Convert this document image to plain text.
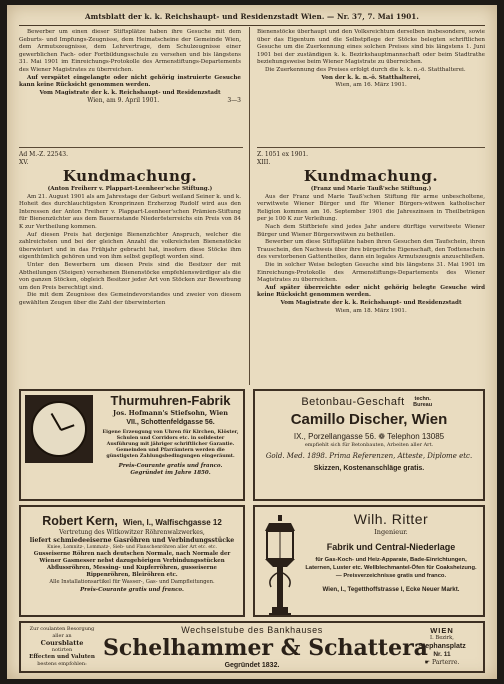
Amtsblatt der k. k. Reichshaupt- und Residenzstadt Wien. — Nr. 37, 7. Mai 1901.

Bewerber um einen dieser Stiftsplätze haben ihre Gesuche mit dem Geburts- und Impfungs-Zeugnisse, dem Heimatscheine der Gemeinde Wien, dem Armutszeugnisse, dem Lehrvertrage, dem Schulzeugnisse einer gewerblichen Fach- oder Fortbildungsschule zu versehen und bis längstens 31. Mai 1901 im Einreichungs-Protokolle des Armenstiftungs-Departements des Wiener Magistrates zu überreichen.

Auf verspätet eingelangte oder nicht gehörig instruierte Gesuche kann keine Rücksicht genommen werden.

Vom Magistrate der k. k. Reichshaupt- und Residenzstadt

Wien, am 9. April 1901.	3—3

Bienenstöcke überhaupt und den Volksreichtum derselben insbesondere, sowie über das Eigentum und die Selbstpflege der Stöcke belegten schriftlichen Gesuche um die Zuerkennung eines solchen Preises sind bis längstens 1. Juni 1901 bei der zuständigen k. k. Bezirkshauptmannschaft oder beim Stadtrathe beziehungsweise beim Wiener Magistrate zu überreichen.

Die Zuerkennung des Preises erfolgt durch die k. k. n.-ö. Statthalterei.

Von der k. k. n.-ö. Statthalterei,

Wien, am 16. März 1901.

Ad M.-Z. 22543.
XV.
Kundmachung.

(Anton Freiherr v. Plappart-Leenheer'sche Stiftung.)

Am 21. August 1901 als am Jahrestage der Geburt weiland Seiner k. und k. Hoheit des durchlauchtigsten Kronprinzen Erzherzog Rudolf wird aus den Interessen der Anton Freiherr v. Plappart-Leenheer'schen Prämien-Stiftung für Bienenzüchter aus dem Bauernstande Niederösterreichs ein Preis von 84 K zur Vertheilung kommen.

Auf diesen Preis hat derjenige Bienenzüchter Anspruch, welcher die zahlreichsten und bei der gleichen Anzahl die volkreichsten Bienenstöcke überwintert und in das Frühjahr gebracht hat, insofern diese Stöcke ihm eigenthümlich gehören und von ihm selbst gepflegt worden sind.

Unter den Bewerbern um diesen Preis sind die Besitzer der mit Abtheilungen (Steigen) versehenen Bienenstöcke empfehlenswürdiger als die von ganzen Stöcken, obgleich Besitzer jeder Art von Stöcken zur Bewerbung um den Preis berechtigt sind.

Die mit dem Zeugnisse des Gemeindevorstandes und zweier von diesem gewählten Zeugen über die Zahl der überwinterten

Z. 1051 ex 1901.
XIII.
Kundmachung.

(Franz und Marie Tauß'sche Stiftung.)

Aus der Franz und Marie Tauß'schen Stiftung für arme unbescholtene, verwitwete Wiener Bürger und für Wiener Bürgers-witwen katholischer Religion kommen am 16. September 1901 die Jahreszinsen in Theilbeträgen per je 100 K zur Verleihung.

Nach dem Stiftbriefe sind jedes Jahr andere dürftige verwitwete Wiener Bürger und Wiener Bürgerswitwen zu betheilen.

Bewerber um diese Stiftsplätze haben ihren Gesuchen den Taufschein, ihren Trauschein, den Nachweis über ihre bürgerliche Eigenschaft, den Todtenschein des verstorbenen Gattentheiles, dann ein legales Armutszeugnis anzuschließen.

Die in solcher Weise belegten Gesuche sind bis längstens 31. Mai 1901 im Einreichungs-Protokolle des Armenstiftungs-Departements des Wiener Magistrates zu überreichen.

Auf später überreichte oder nicht gehörig belegte Gesuche wird keine Rücksicht genommen werden.

Vom Magistrate der k. k. Reichshaupt- und Residenzstadt

Wien, am 18. März 1901.

Thurmuhren-Fabrik
Jos. Hofmann's Stiefsohn, Wien
VII., Schottenfeldgasse 56.
Eigene Erzeugung von Uhren für Kirchen, Klöster, Schulen und Corridors etc. in solidester Ausführung mit jähriger schriftlicher Garantie. Gemeinden und Pfarrämtern werden die günstigsten Zahlungsbedingungen eingeräumt.
Preis-Courante gratis und franco.
Gegründet im Jahre 1850.
Betonbau-Geschaft	techn. Bureau
Camillo Discher, Wien
IX., Porzellangasse 56. ❁ Telephon 13085
empfiehlt sich für Betonbauten, Arbeiten aller Art.
Gold. Med. 1898. Prima Referenzen, Atteste, Diplome etc.
Skizzen, Kostenanschläge gratis.
Robert Kern, Wien, I., Walfischgasse 12
Vertretung des Witkowitzer Röhrenwalzwerkes,
liefert schmiedeeiserne Gasröhren und Verbindungsstücke
Kniee, Lomnitz-, Lommatz-, Sieb- und Flanschenröhren aller Art etc. etc.
Gusseiserne Röhren nach deutschen Normale, nach Normale der Wiener Gasmesser nebst dazugehörigen Verbindungsstücken
Abflussröhren, Messing- und Kupferröhren, gusseiserne Rippenröhren, Bleiröhren etc.
Alle Installationsartikel für Wasser-, Gas- und Dampfleitungen.
Preis-Courante gratis und franco.
Wilh. Ritter
Ingenieur.
Fabrik und Central-Niederlage
für Gas-Koch- und Heiz-Apparate, Bade-Einrichtungen, Laternen, Luster etc. Wellblechmantel-Öfen für Coaksheizung. — Preisverzeichnisse gratis und franco.
Wien, I., Tegetthoffstrasse I, Ecke Neuer Markt.
Zur coulanten Besorgung
aller an
Coursblatte
notirten
Effecten und Valuten
bestens empfohlen:
Wechselstube des Bankhauses
Schelhammer & Schattera
Gegründet 1832.
WIEN
I. Bezirk,
Stephansplatz
Nr. 11
☛ Parterre.
